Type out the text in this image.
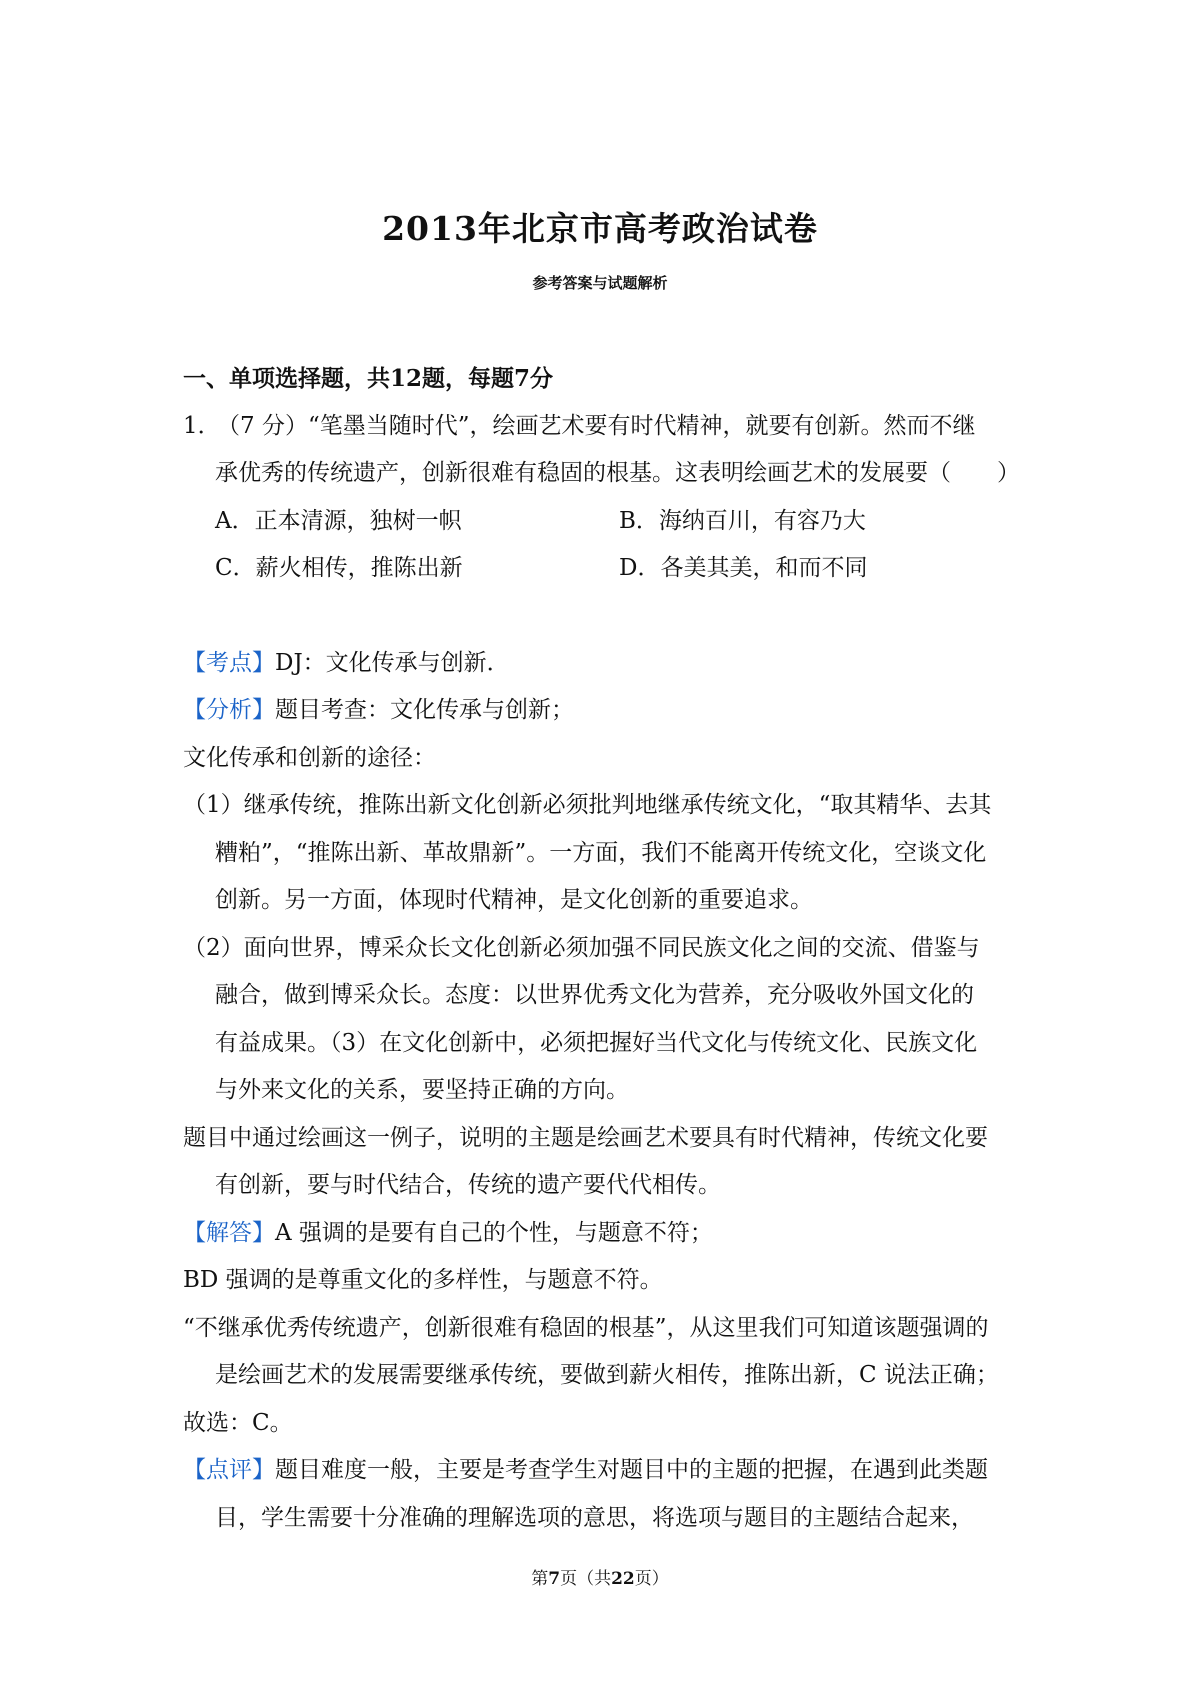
2013年北京市高考政治试卷
参考答案与试题解析
一、单项选择题，共12题，每题7分
1．（7 分）“笔墨当随时代”，绘画艺术要有时代精神，就要有创新。然而不继
承优秀的传统遗产，创新很难有稳固的根基。这表明绘画艺术的发展要（　　）
A．正本清源，独树一帜	B．海纳百川，有容乃大
C．薪火相传，推陈出新	D．各美其美，和而不同
【考点】DJ：文化传承与创新．
【分析】题目考查：文化传承与创新；
文化传承和创新的途径：
（1）继承传统，推陈出新文化创新必须批判地继承传统文化，“取其精华、去其
糟粕”，“推陈出新、革故鼎新”。一方面，我们不能离开传统文化，空谈文化
创新。另一方面，体现时代精神，是文化创新的重要追求。
（2）面向世界，博采众长文化创新必须加强不同民族文化之间的交流、借鉴与
融合，做到博采众长。态度：以世界优秀文化为营养，充分吸收外国文化的
有益成果。（3）在文化创新中，必须把握好当代文化与传统文化、民族文化
与外来文化的关系，要坚持正确的方向。
题目中通过绘画这一例子，说明的主题是绘画艺术要具有时代精神，传统文化要
有创新，要与时代结合，传统的遗产要代代相传。
【解答】A 强调的是要有自己的个性，与题意不符；
BD 强调的是尊重文化的多样性，与题意不符。
“不继承优秀传统遗产，创新很难有稳固的根基”，从这里我们可知道该题强调的
是绘画艺术的发展需要继承传统，要做到薪火相传，推陈出新，C 说法正确；
故选：C。
【点评】题目难度一般，主要是考查学生对题目中的主题的把握，在遇到此类题
目，学生需要十分准确的理解选项的意思，将选项与题目的主题结合起来，
第7页（共22页）
